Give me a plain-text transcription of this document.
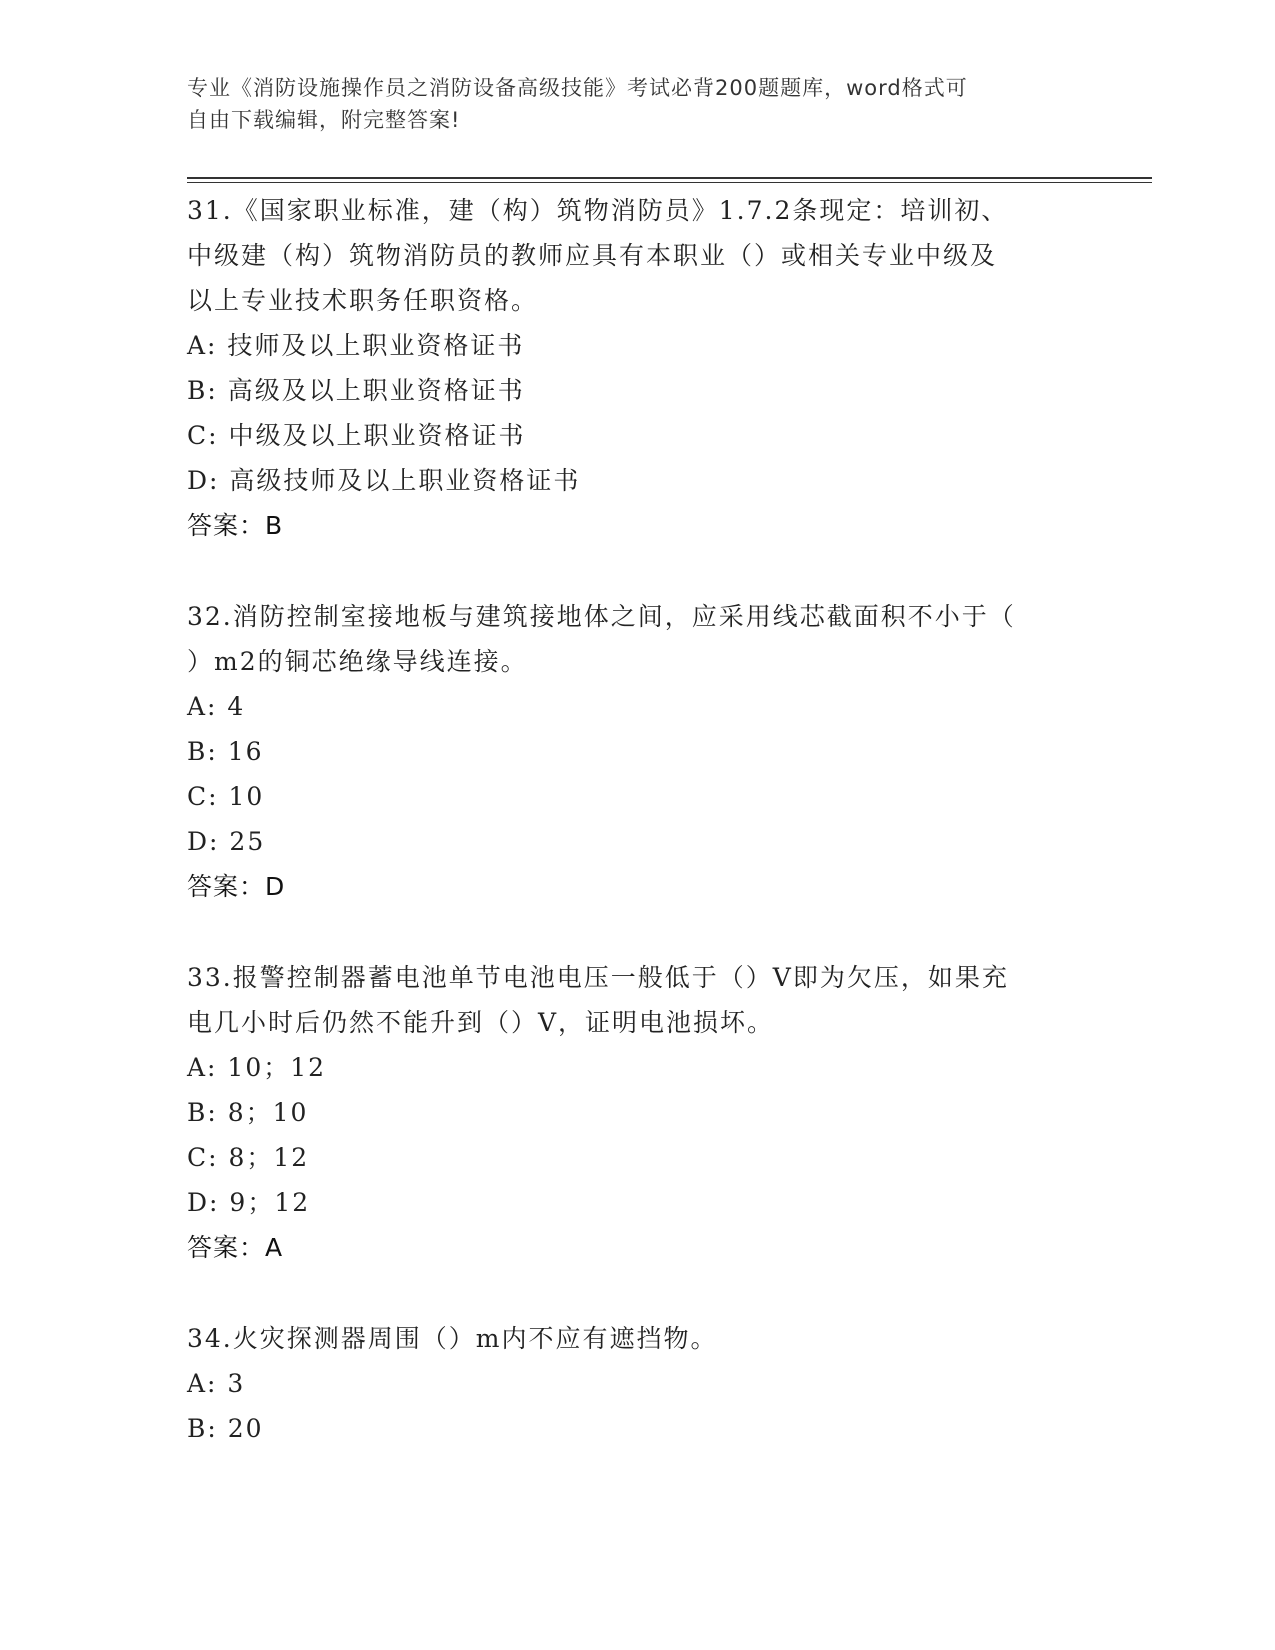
专业《消防设施操作员之消防设备高级技能》考试必背200题题库，word格式可
自由下载编辑，附完整答案!
31.《国家职业标准，建（构）筑物消防员》1.7.2条现定：培训初、
中级建（构）筑物消防员的教师应具有本职业（）或相关专业中级及
以上专业技术职务任职资格。
A: 技师及以上职业资格证书
B: 高级及以上职业资格证书
C: 中级及以上职业资格证书
D: 高级技师及以上职业资格证书
答案：B
32.消防控制室接地板与建筑接地体之间，应采用线芯截面积不小于（
）m2的铜芯绝缘导线连接。
A: 4
B: 16
C: 10
D: 25
答案：D
33.报警控制器蓄电池单节电池电压一般低于（）V即为欠压，如果充
电几小时后仍然不能升到（）V，证明电池损坏。
A: 10；12
B: 8；10
C: 8；12
D: 9；12
答案：A
34.火灾探测器周围（）m内不应有遮挡物。
A: 3
B: 20
